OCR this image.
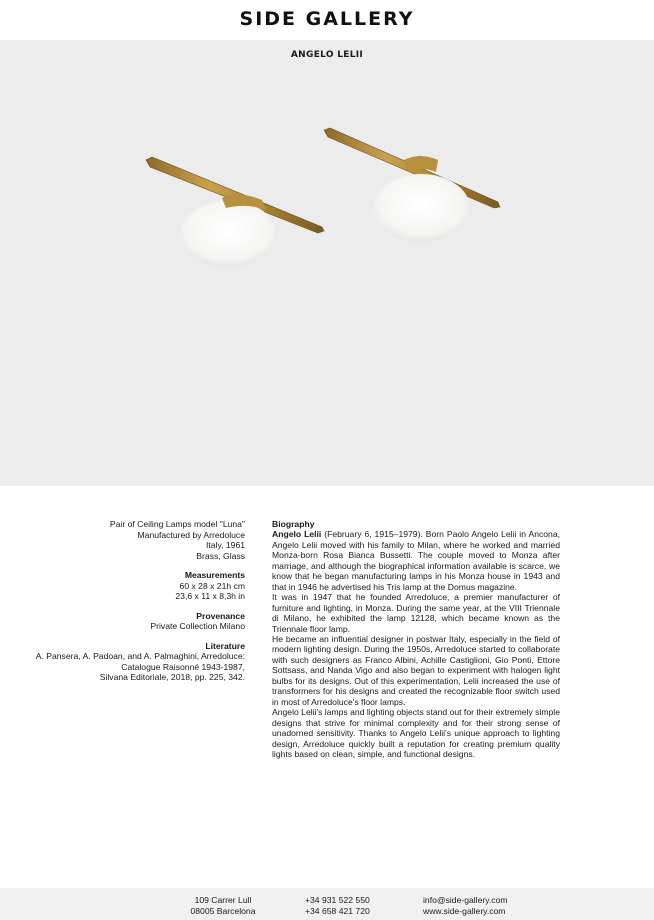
SIDE GALLERY
ANGELO LELII
Pair of Ceiling Lamps model "Luna"
Manufactured by Arredoluce
Italy, 1961
Brass, Glass
Measurements
60 x 28 x 21h cm
23,6 x 11 x 8,3h in
Provenance
Private Collection Milano
Literature
A. Pansera, A. Padoan, and A. Palmaghini, Arredoluce:
Catalogue Raisonné 1943-1987,
Silvana Editoriale, 2018, pp. 225, 342.
Biography

Angelo Lelii (February 6, 1915–1979). Born Paolo Angelo Lelii in Ancona, Angelo Lelii moved with his family to Milan, where he worked and married Monza-born Rosa Bianca Bussetti. The couple moved to Monza after marriage, and although the biographical information available is scarce, we know that he began manufacturing lamps in his Monza house in 1943 and that in 1946 he advertised his Tris lamp at the Domus magazine.

It was in 1947 that he founded Arredoluce, a premier manufacturer of furniture and lighting, in Monza. During the same year, at the VIII Triennale di Milano, he exhibited the lamp 12128, which became known as the Triennale floor lamp.

He became an influential designer in postwar Italy, especially in the field of modern lighting design. During the 1950s, Arredoluce started to collaborate with such designers as Franco Albini, Achille Castiglioni, Gio Ponti, Ettore Sottsass, and Nanda Vigo and also began to experiment with halogen light bulbs for its designs. Out of this experimentation, Lelii increased the use of transformers for his designs and created the recognizable floor switch used in most of Arredoluce's floor lamps.

Angelo Lelii's lamps and lighting objects stand out for their extremely simple designs that strive for minimal complexity and for their strong sense of unadorned sensitivity. Thanks to Angelo Lelii's unique approach to lighting design, Arredoluce quickly built a reputation for creating premium quality lights based on clean, simple, and functional designs.

109 Carrer Lull
08005 Barcelona
+34 931 522 550
+34 658 421 720
info@side-gallery.com
www.side-gallery.com
